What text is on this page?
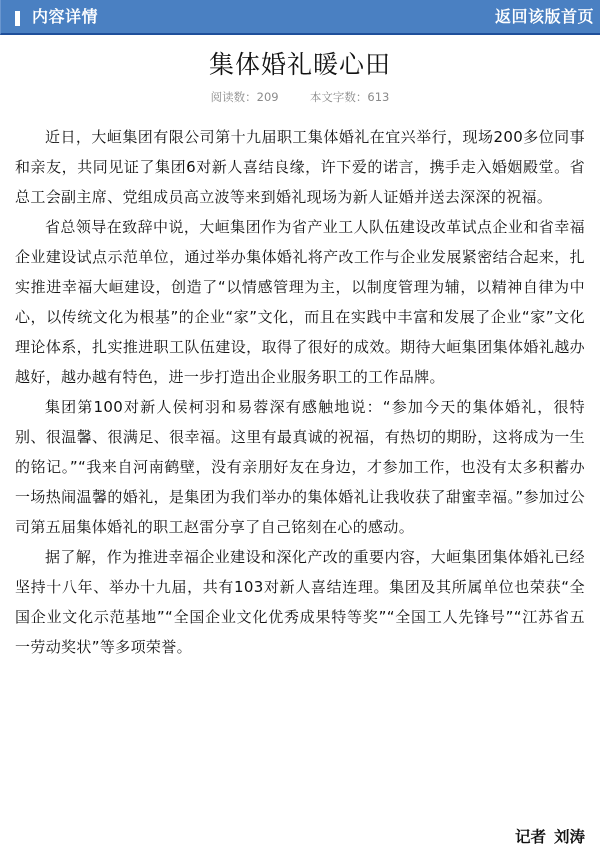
内容详情	返回该版首页
集体婚礼暖心田
阅读数：209	本文字数：613

近日，大峘集团有限公司第十九届职工集体婚礼在宜兴举行，现场200多位同事和亲友，共同见证了集团6对新人喜结良缘，许下爱的诺言，携手走入婚姻殿堂。省总工会副主席、党组成员高立波等来到婚礼现场为新人证婚并送去深深的祝福。

省总领导在致辞中说，大峘集团作为省产业工人队伍建设改革试点企业和省幸福企业建设试点示范单位，通过举办集体婚礼将产改工作与企业发展紧密结合起来，扎实推进幸福大峘建设，创造了“以情感管理为主，以制度管理为辅，以精神自律为中心，以传统文化为根基”的企业“家”文化，而且在实践中丰富和发展了企业“家”文化理论体系，扎实推进职工队伍建设，取得了很好的成效。期待大峘集团集体婚礼越办越好，越办越有特色，进一步打造出企业服务职工的工作品牌。

集团第100对新人侯柯羽和易蓉深有感触地说：“参加今天的集体婚礼，很特别、很温馨、很满足、很幸福。这里有最真诚的祝福，有热切的期盼，这将成为一生的铭记。”“我来自河南鹤壁，没有亲朋好友在身边，才参加工作，也没有太多积蓄办一场热闹温馨的婚礼，是集团为我们举办的集体婚礼让我收获了甜蜜幸福。”参加过公司第五届集体婚礼的职工赵雷分享了自己铭刻在心的感动。

据了解，作为推进幸福企业建设和深化产改的重要内容，大峘集团集体婚礼已经坚持十八年、举办十九届，共有103对新人喜结连理。集团及其所属单位也荣获“全国企业文化示范基地”“全国企业文化优秀成果特等奖”“全国工人先锋号”“江苏省五一劳动奖状”等多项荣誉。

记者 刘涛
